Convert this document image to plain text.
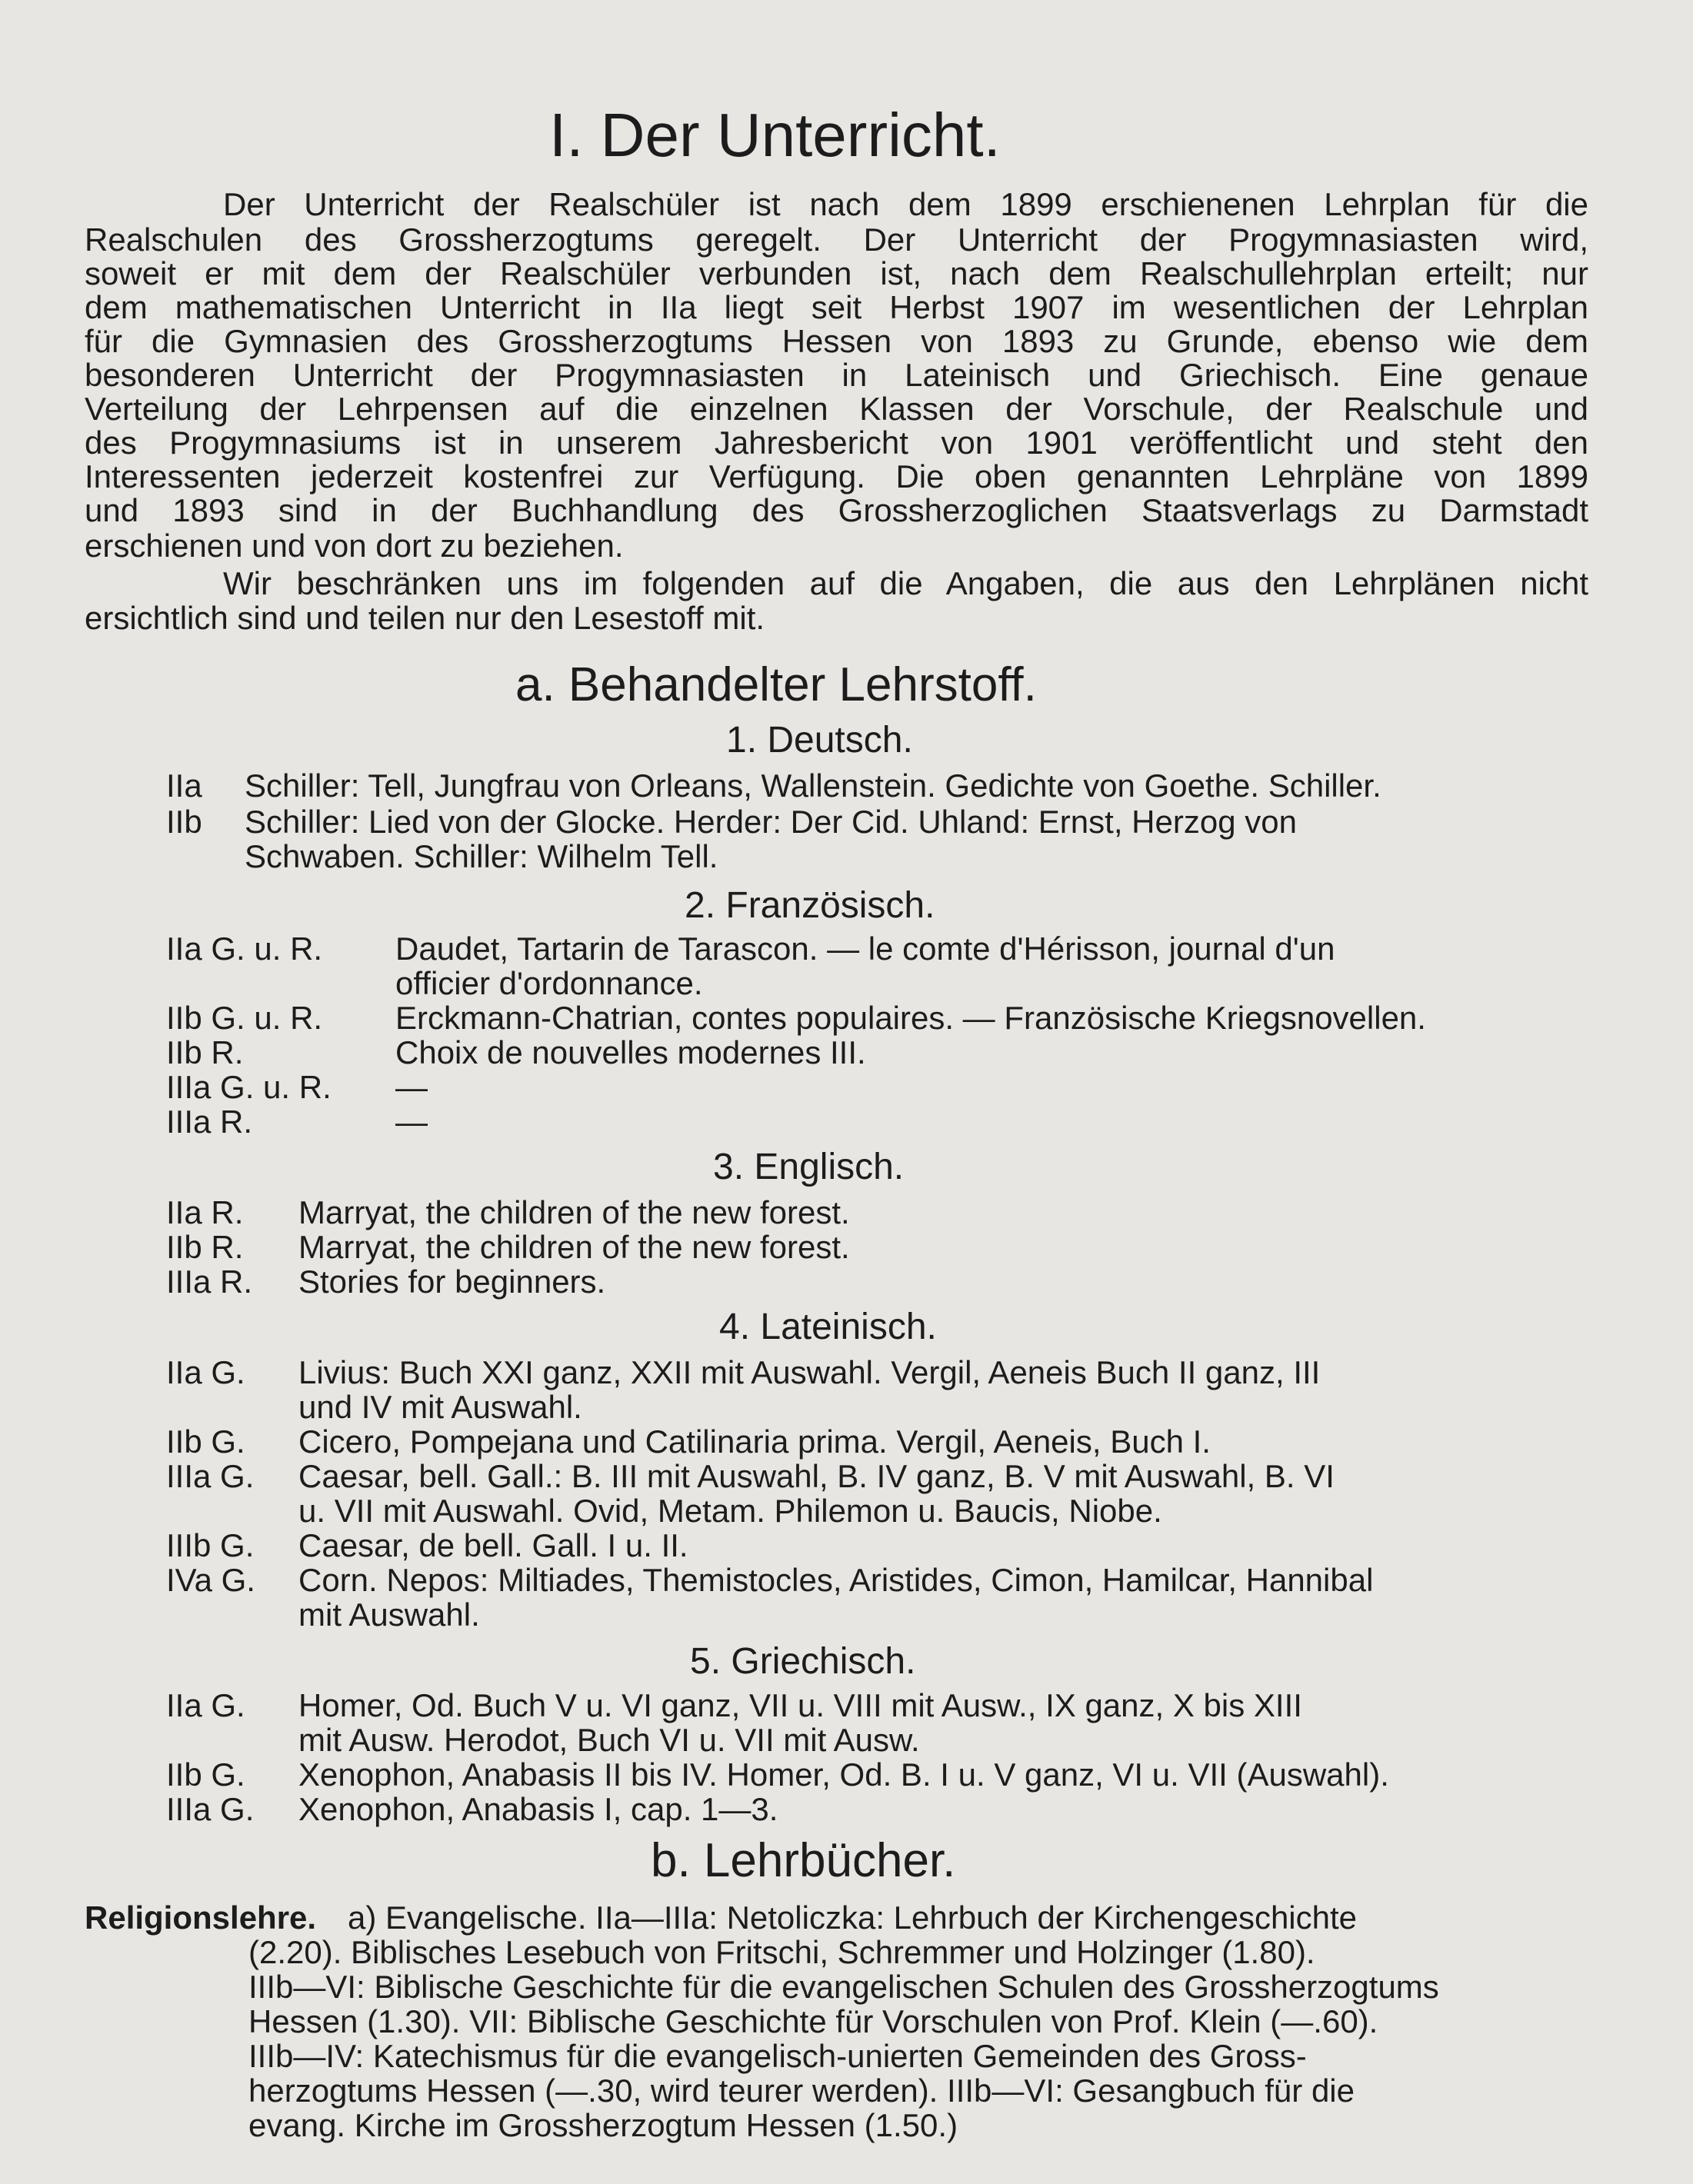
I. Der Unterricht.
Der Unterricht der Realschüler ist nach dem 1899 erschienenen Lehrplan für die
Realschulen des Grossherzogtums geregelt. Der Unterricht der Progymnasiasten wird,
soweit er mit dem der Realschüler verbunden ist, nach dem Realschullehrplan erteilt; nur
dem mathematischen Unterricht in IIa liegt seit Herbst 1907 im wesentlichen der Lehrplan
für die Gymnasien des Grossherzogtums Hessen von 1893 zu Grunde, ebenso wie dem
besonderen Unterricht der Progymnasiasten in Lateinisch und Griechisch. Eine genaue
Verteilung der Lehrpensen auf die einzelnen Klassen der Vorschule, der Realschule und
des Progymnasiums ist in unserem Jahresbericht von 1901 veröffentlicht und steht den
Interessenten jederzeit kostenfrei zur Verfügung. Die oben genannten Lehrpläne von 1899
und 1893 sind in der Buchhandlung des Grossherzoglichen Staatsverlags zu Darmstadt
erschienen und von dort zu beziehen.
Wir beschränken uns im folgenden auf die Angaben, die aus den Lehrplänen nicht
ersichtlich sind und teilen nur den Lesestoff mit.
a. Behandelter Lehrstoff.
1. Deutsch.
IIa Schiller: Tell, Jungfrau von Orleans, Wallenstein. Gedichte von Goethe. Schiller.
IIb Schiller: Lied von der Glocke. Herder: Der Cid. Uhland: Ernst, Herzog von
Schwaben. Schiller: Wilhelm Tell.
2. Französisch.
IIa G. u. R. Daudet, Tartarin de Tarascon. — le comte d'Hérisson, journal d'un
officier d'ordonnance.
IIb G. u. R. Erckmann-Chatrian, contes populaires. — Französische Kriegsnovellen.
IIb R.	Choix de nouvelles modernes III.
IIIa G. u. R. —
IIIa R.	—
3. Englisch.
IIa R. Marryat, the children of the new forest.
IIb R. Marryat, the children of the new forest.
IIIa R. Stories for beginners.
4. Lateinisch.
IIa G. Livius: Buch XXI ganz, XXII mit Auswahl. Vergil, Aeneis Buch II ganz, III
und IV mit Auswahl.
IIb G. Cicero, Pompejana und Catilinaria prima. Vergil, Aeneis, Buch I.
IIIa G. Caesar, bell. Gall.: B. III mit Auswahl, B. IV ganz, B. V mit Auswahl, B. VI
u. VII mit Auswahl. Ovid, Metam. Philemon u. Baucis, Niobe.
IIIb G. Caesar, de bell. Gall. I u. II.
IVa G. Corn. Nepos: Miltiades, Themistocles, Aristides, Cimon, Hamilcar, Hannibal
mit Auswahl.
5. Griechisch.
IIa G. Homer, Od. Buch V u. VI ganz, VII u. VIII mit Ausw., IX ganz, X bis XIII
mit Ausw. Herodot, Buch VI u. VII mit Ausw.
IIb G. Xenophon, Anabasis II bis IV. Homer, Od. B. I u. V ganz, VI u. VII (Auswahl).
IIIa G. Xenophon, Anabasis I, cap. 1—3.
b. Lehrbücher.
Religionslehre. a) Evangelische. IIa—IIIa: Netoliczka: Lehrbuch der Kirchengeschichte
(2.20). Biblisches Lesebuch von Fritschi, Schremmer und Holzinger (1.80).
IIIb—VI: Biblische Geschichte für die evangelischen Schulen des Grossherzogtums
Hessen (1.30). VII: Biblische Geschichte für Vorschulen von Prof. Klein (—.60).
IIIb—IV: Katechismus für die evangelisch-unierten Gemeinden des Gross-
herzogtums Hessen (—.30, wird teurer werden). IIIb—VI: Gesangbuch für die
evang. Kirche im Grossherzogtum Hessen (1.50.)
